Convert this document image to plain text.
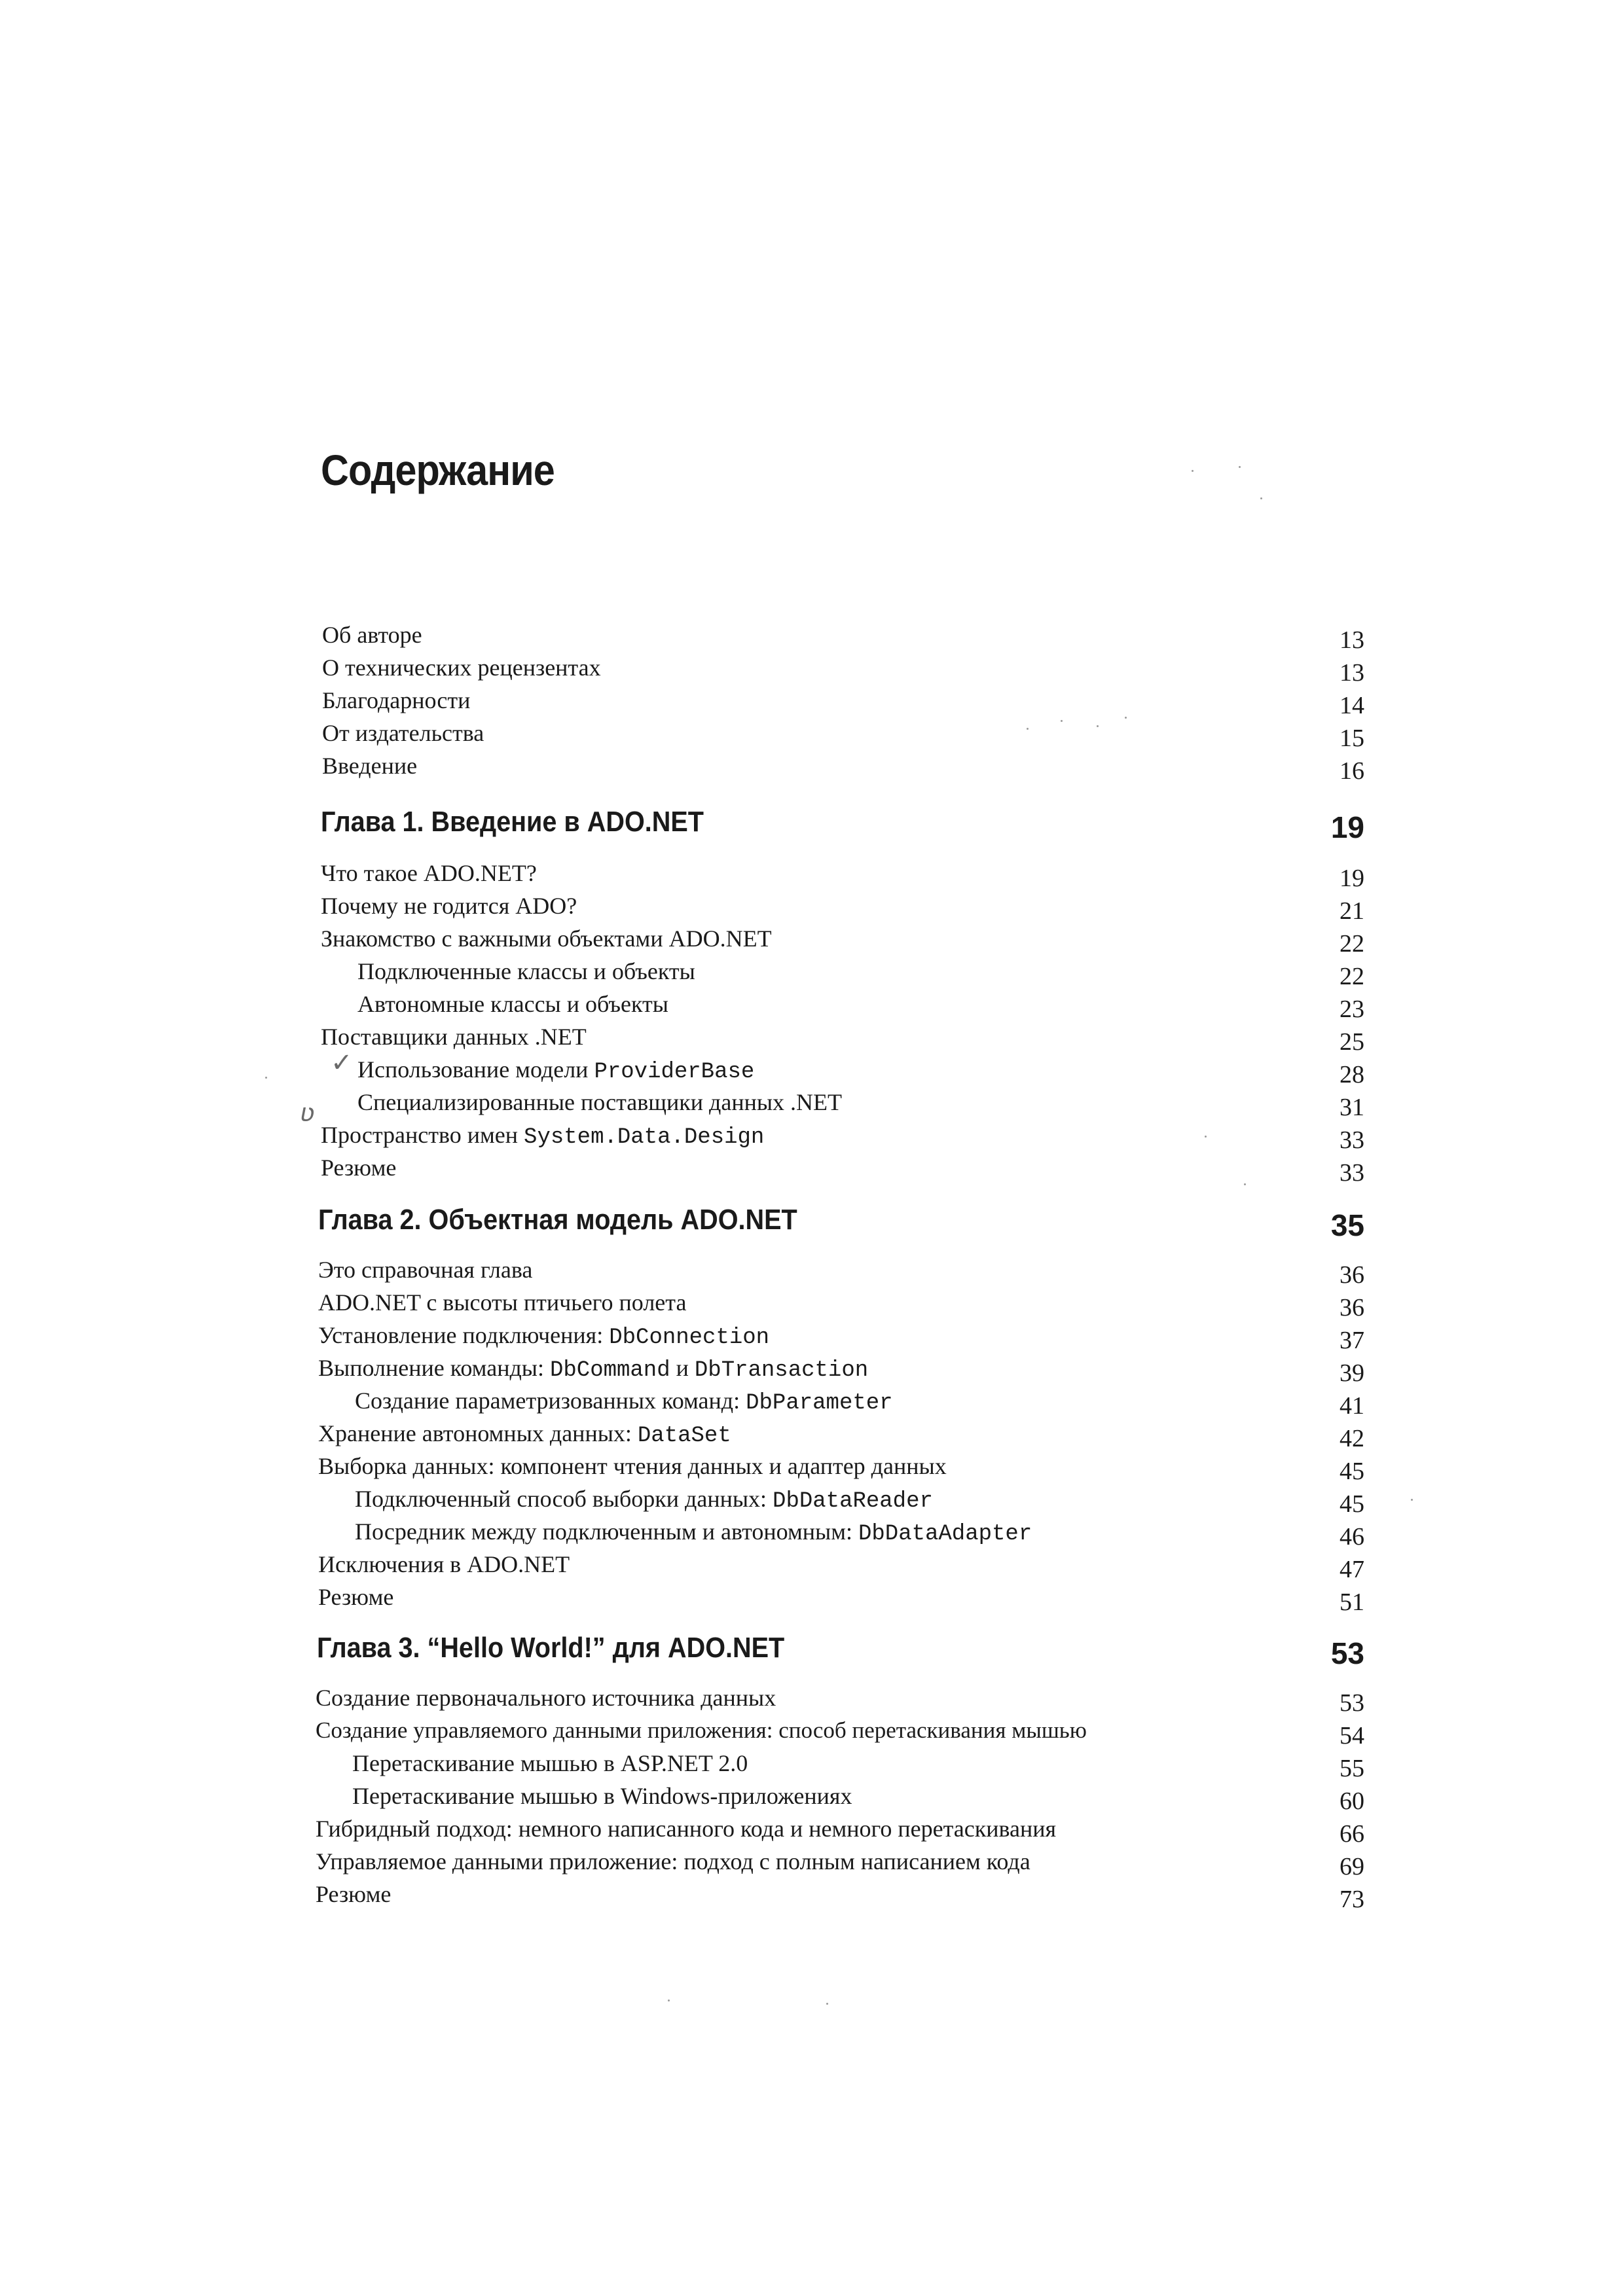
Содержание
Об авторе	13
О технических рецензентах	13
Благодарности	14
От издательства	15
Введение	16
Глава 1. Введение в ADO.NET	19
Что такое ADO.NET?	19
Почему не годится ADO?	21
Знакомство с важными объектами ADO.NET	22
Подключенные классы и объекты	22
Автономные классы и объекты	23
Поставщики данных .NET	25
Использование модели ProviderBase	28
Специализированные поставщики данных .NET	31
Пространство имен System.Data.Design	33
Резюме	33
Глава 2. Объектная модель ADO.NET	35
Это справочная глава	36
ADO.NET с высоты птичьего полета	36
Установление подключения: DbConnection	37
Выполнение команды: DbCommand и DbTransaction	39
Создание параметризованных команд: DbParameter	41
Хранение автономных данных: DataSet	42
Выборка данных: компонент чтения данных и адаптер данных	45
Подключенный способ выборки данных: DbDataReader	45
Посредник между подключенным и автономным: DbDataAdapter	46
Исключения в ADO.NET	47
Резюме	51
Глава 3. “Hello World!” для ADO.NET	53
Создание первоначального источника данных	53
Создание управляемого данными приложения: способ перетаскивания мышью	54
Перетаскивание мышью в ASP.NET 2.0	55
Перетаскивание мышью в Windows-приложениях	60
Гибридный подход: немного написанного кода и немного перетаскивания	66
Управляемое данными приложение: подход с полным написанием кода	69
Резюме	73
✓
ʋ
